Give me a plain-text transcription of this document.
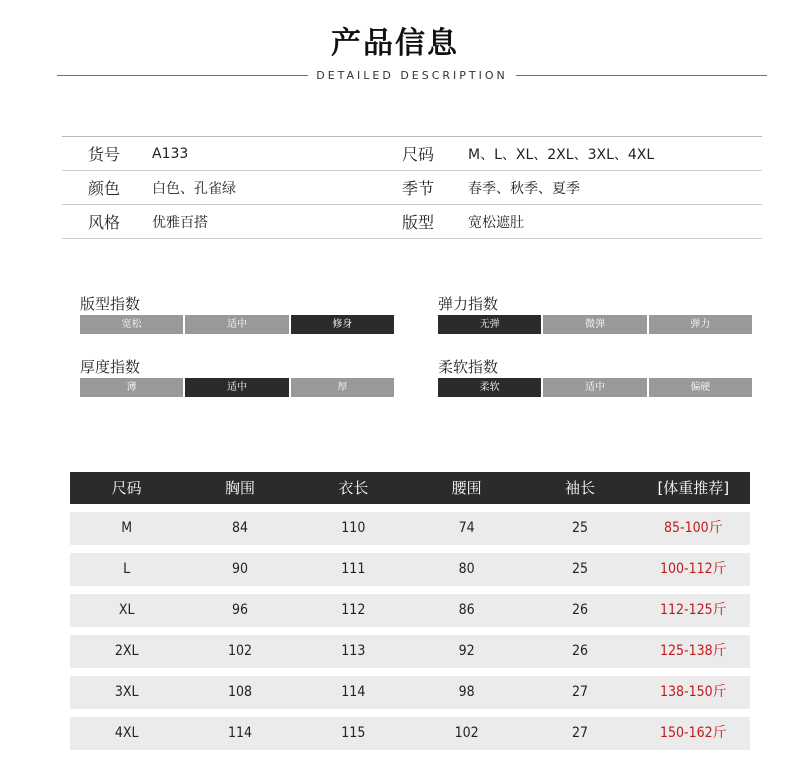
产品信息
DETAILED DESCRIPTION
货号	A133	尺码	M、L、XL、2XL、3XL、4XL
颜色	白色、孔雀绿	季节	春季、秋季、夏季
风格	优雅百搭	版型	宽松遮肚
版型指数
宽松	适中	修身
弹力指数
无弹	微弹	弹力
厚度指数
薄	适中	厚
柔软指数
柔软	适中	偏硬
尺码	胸围	衣长	腰围	袖长	[体重推荐]
M	84	110	74	25	85-100斤
L	90	111	80	25	100-112斤
XL	96	112	86	26	112-125斤
2XL	102	113	92	26	125-138斤
3XL	108	114	98	27	138-150斤
4XL	114	115	102	27	150-162斤
